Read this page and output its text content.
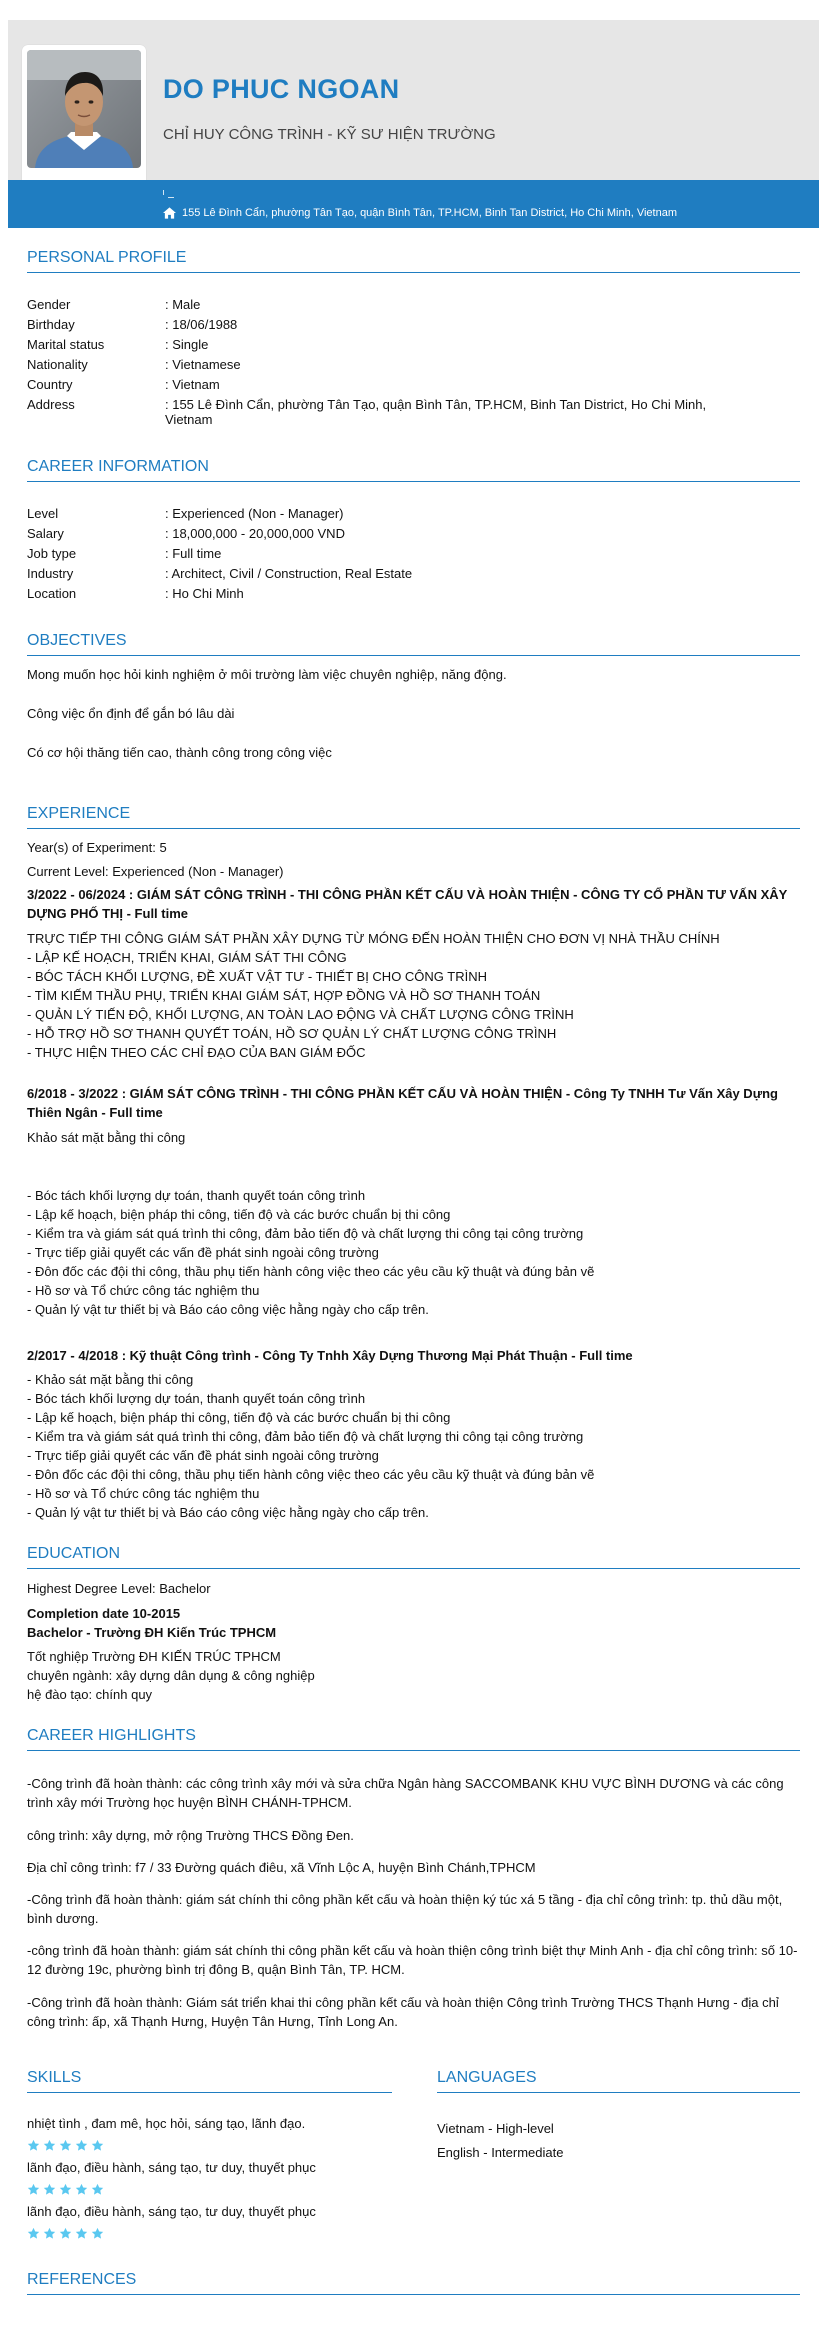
DO PHUC NGOAN
CHỈ HUY CÔNG TRÌNH - KỸ SƯ HIỆN TRƯỜNG
155 Lê Đình Cẩn, phường Tân Tạo, quận Bình Tân, TP.HCM, Binh Tan District, Ho Chi Minh, Vietnam
PERSONAL PROFILE
Gender	: Male
Birthday	: 18/06/1988
Marital status	: Single
Nationality	: Vietnamese
Country	: Vietnam
Address	: 155 Lê Đình Cẩn, phường Tân Tạo, quận Bình Tân, TP.HCM, Binh Tan District, Ho Chi Minh, Vietnam
CAREER INFORMATION
Level	: Experienced (Non - Manager)
Salary	: 18,000,000 - 20,000,000 VND
Job type	: Full time
Industry	: Architect, Civil / Construction, Real Estate
Location	: Ho Chi Minh
OBJECTIVES
Mong muốn học hỏi kinh nghiệm ở môi trường làm việc chuyên nghiệp, năng động.
Công việc ổn định để gắn bó lâu dài
Có cơ hội thăng tiến cao, thành công trong công việc
EXPERIENCE
Year(s) of Experiment: 5
Current Level: Experienced (Non - Manager)
3/2022 - 06/2024 : GIÁM SÁT CÔNG TRÌNH - THI CÔNG PHẦN KẾT CẤU VÀ HOÀN THIỆN - CÔNG TY CỔ PHẦN TƯ VẤN XÂY DỰNG PHỐ THỊ - Full time
TRỰC TIẾP THI CÔNG GIÁM SÁT PHẦN XÂY DỰNG TỪ MÓNG ĐẾN HOÀN THIỆN CHO ĐƠN VỊ NHÀ THẦU CHÍNH
- LẬP KẾ HOẠCH, TRIỂN KHAI, GIÁM SÁT THI CÔNG
- BÓC TÁCH KHỐI LƯỢNG, ĐỀ XUẤT VẬT TƯ - THIẾT BỊ CHO CÔNG TRÌNH
- TÌM KIẾM THẦU PHỤ, TRIỂN KHAI GIÁM SÁT, HỢP ĐỒNG VÀ HỒ SƠ THANH TOÁN
- QUẢN LÝ TIẾN ĐỘ, KHỐI LƯỢNG, AN TOÀN LAO ĐỘNG VÀ CHẤT LƯỢNG CÔNG TRÌNH
- HỖ TRỢ HỒ SƠ THANH QUYẾT TOÁN, HỒ SƠ QUẢN LÝ CHẤT LƯỢNG CÔNG TRÌNH
- THỰC HIỆN THEO CÁC CHỈ ĐẠO CỦA BAN GIÁM ĐỐC
6/2018 - 3/2022 : GIÁM SÁT CÔNG TRÌNH - THI CÔNG PHẦN KẾT CẤU VÀ HOÀN THIỆN - Công Ty TNHH Tư Vấn Xây Dựng Thiên Ngân - Full time
Khảo sát mặt bằng thi công
- Bóc tách khối lượng dự toán, thanh quyết toán công trình
- Lập kế hoạch, biện pháp thi công, tiến độ và các bước chuẩn bị thi công
- Kiểm tra và giám sát quá trình thi công, đảm bảo tiến độ và chất lượng thi công tại công trường
- Trực tiếp giải quyết các vấn đề phát sinh ngoài công trường
- Đôn đốc các đội thi công, thầu phụ tiến hành công việc theo các yêu cầu kỹ thuật và đúng bản vẽ
- Hồ sơ và Tổ chức công tác nghiệm thu
- Quản lý vật tư thiết bị và Báo cáo công việc hằng ngày cho cấp trên.
2/2017 - 4/2018 : Kỹ thuật Công trình - Công Ty Tnhh Xây Dựng Thương Mại Phát Thuận - Full time
- Khảo sát mặt bằng thi công
- Bóc tách khối lượng dự toán, thanh quyết toán công trình
- Lập kế hoạch, biện pháp thi công, tiến độ và các bước chuẩn bị thi công
- Kiểm tra và giám sát quá trình thi công, đảm bảo tiến độ và chất lượng thi công tại công trường
- Trực tiếp giải quyết các vấn đề phát sinh ngoài công trường
- Đôn đốc các đội thi công, thầu phụ tiến hành công việc theo các yêu cầu kỹ thuật và đúng bản vẽ
- Hồ sơ và Tổ chức công tác nghiệm thu
- Quản lý vật tư thiết bị và Báo cáo công việc hằng ngày cho cấp trên.
EDUCATION
Highest Degree Level: Bachelor
Completion date 10-2015
Bachelor - Trường ĐH Kiến Trúc TPHCM
Tốt nghiệp Trường ĐH KIẾN TRÚC TPHCM
chuyên ngành: xây dựng dân dụng & công nghiệp
hệ đào tạo: chính quy
CAREER HIGHLIGHTS
-Công trình đã hoàn thành: các công trình xây mới và sửa chữa Ngân hàng SACCOMBANK KHU VỰC BÌNH DƯƠNG và các công trình xây mới Trường học huyện BÌNH CHÁNH-TPHCM.
công trình: xây dựng, mở rộng Trường THCS Đồng Đen.
Địa chỉ công trình: f7 / 33 Đường quách điêu, xã Vĩnh Lộc A, huyện Bình Chánh,TPHCM
-Công trình đã hoàn thành: giám sát chính thi công phần kết cấu và hoàn thiện ký túc xá 5 tầng - địa chỉ công trình: tp. thủ dầu một, bình dương.
-công trình đã hoàn thành: giám sát chính thi công phần kết cấu và hoàn thiện công trình biệt thự Minh Anh - địa chỉ công trình: số 10-12 đường 19c, phường bình trị đông B, quận Bình Tân, TP. HCM.
-Công trình đã hoàn thành: Giám sát triển khai thi công phần kết cấu và hoàn thiện Công trình Trường THCS Thạnh Hưng - địa chỉ công trình: ấp, xã Thạnh Hưng, Huyện Tân Hưng, Tỉnh Long An.
SKILLS
nhiệt tình , đam mê, học hỏi, sáng tạo, lãnh đạo.
lãnh đạo, điều hành, sáng tạo, tư duy, thuyết phục
lãnh đạo, điều hành, sáng tạo, tư duy, thuyết phục
LANGUAGES
Vietnam - High-level
English - Intermediate
REFERENCES
